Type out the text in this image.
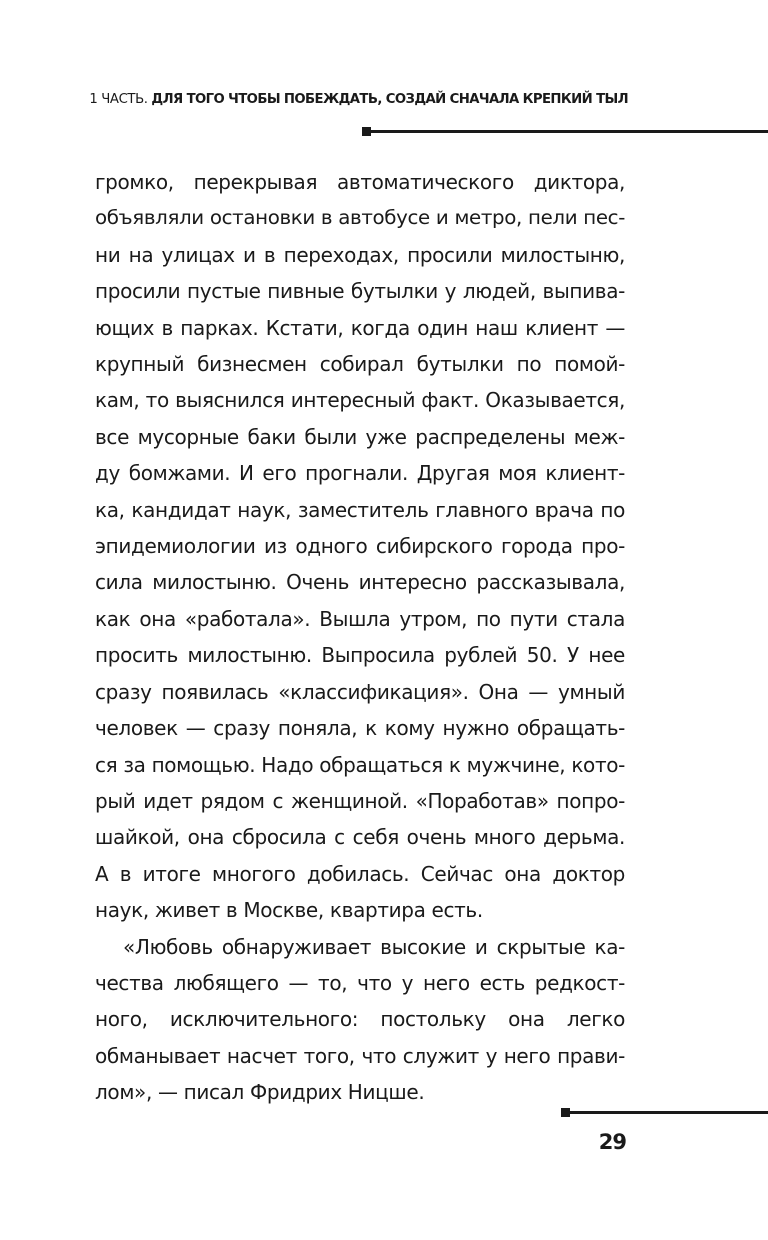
1 ЧАСТЬ. ДЛЯ ТОГО ЧТОБЫ ПОБЕЖДАТЬ, СОЗДАЙ СНАЧАЛА КРЕПКИЙ ТЫЛ
громко, перекрывая автоматического диктора,
объявляли остановки в автобусе и метро, пели пес-
ни на улицах и в переходах, просили милостыню,
просили пустые пивные бутылки у людей, выпива-
ющих в парках. Кстати, когда один наш клиент —
крупный бизнесмен собирал бутылки по помой-
кам, то выяснился интересный факт. Оказывается,
все мусорные баки были уже распределены меж-
ду бомжами. И его прогнали. Другая моя клиент-
ка, кандидат наук, заместитель главного врача по
эпидемиологии из одного сибирского города про-
сила милостыню. Очень интересно рассказывала,
как она «работала». Вышла утром, по пути стала
просить милостыню. Выпросила рублей 50. У нее
сразу появилась «классификация». Она — умный
человек — сразу поняла, к кому нужно обращать-
ся за помощью. Надо обращаться к мужчине, кото-
рый идет рядом с женщиной. «Поработав» попро-
шайкой, она сбросила с себя очень много дерьма.
А в итоге многого добилась. Сейчас она доктор
наук, живет в Москве, квартира есть.
«Любовь обнаруживает высокие и скрытые ка-
чества любящего — то, что у него есть редкост-
ного, исключительного: постольку она легко
обманывает насчет того, что служит у него прави-
лом», — писал Фридрих Ницше.
29
